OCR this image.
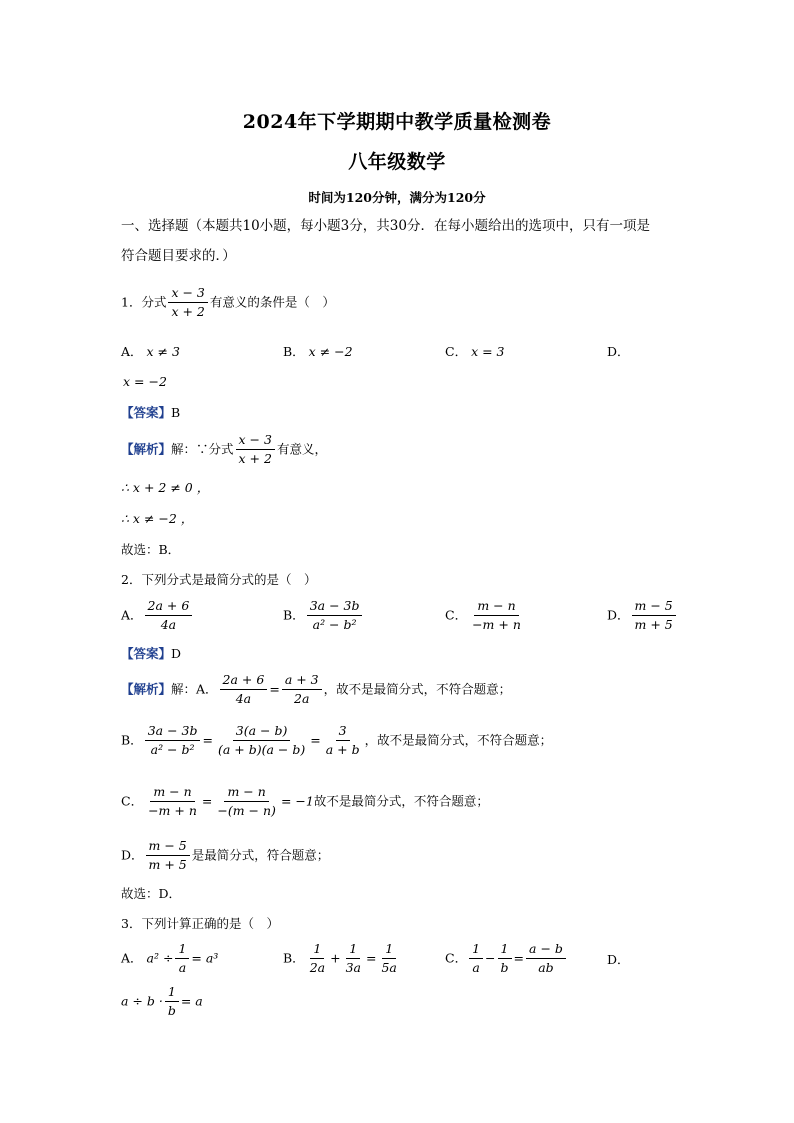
2024年下学期期中教学质量检测卷
八年级数学
时间为120分钟，满分为120分
一、选择题（本题共10小题，每小题3分，共30分．在每小题给出的选项中，只有一项是
符合题目要求的．）
1．分式 $\frac{x - 3}{x + 2}$ 有意义的条件是（　）
A． x ≠ 3	B． x ≠ −2	C． x = 3	D．
x = −2
【答案】B
【解析】解：∵分式 $\frac{x - 3}{x + 2}$ 有意义，
∴ x + 2 ≠ 0 ，
∴ x ≠ −2 ，
故选：B．
2．下列分式是最简分式的是（　）
A． $\frac{2a + 6}{4a}$	B． $\frac{3a - 3b}{\text{a² − b²}}$	C． $\frac{m - n}{-m + n}$	D． $\frac{m - 5}{m + 5}$
【答案】D
【解析】解：A． $\frac{2a + 6}{4a} = \frac{a + 3}{2a}$ ，故不是最简分式，不符合题意；
B． $\frac{3a - 3b}{\text{a² − b²}} = \frac{3(a - b)}{(a + b)(a - b)} = \frac{3}{a + b}$ ，故不是最简分式，不符合题意；
C． $\frac{m - n}{-m + n} = \frac{m - n}{-(m - n)} = -1$故不是最简分式，不符合题意；
D． $\frac{m - 5}{m + 5}$ 是最简分式，符合题意；
故选：D．
3．下列计算正确的是（　）
A． $a^2 \div \frac{1}{a} = a^3$	B． $\frac{1}{2a} + \frac{1}{3a} = \frac{1}{5a}$	C． $\frac{1}{a} - \frac{1}{b} = \frac{a - b}{ab}$	D．
$a \div b \cdot \frac{1}{b} = a$
